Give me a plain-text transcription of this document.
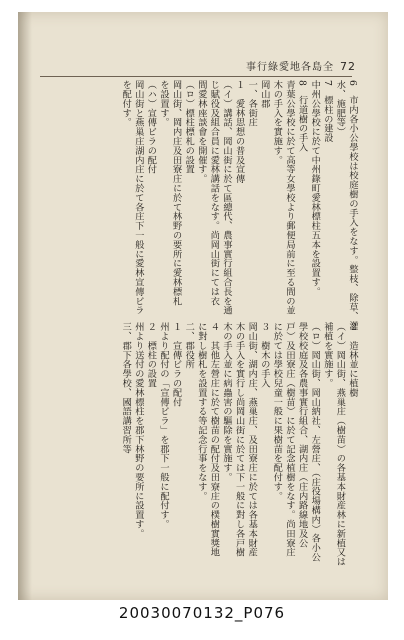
事行綠愛地各島全 72
6　市内各小公學校は校庭樹の手入をなす。整枝、除草、灌
水、施肥等）
7　標柱の建設
中州公學校に於て中州錄町愛林標柱五本を設置す。
8　行道樹の手入
青葉公學校に於て高等女學校より郵便局前に至る間の並
木の手入を實施す。
岡山郡
一、各街庄
１　愛林思想の普及宣傳
（イ）講話、岡山街に於て區總代、農事實行組合長を通
じ賦役及組合員に愛林講話をなす。尚岡山街にては衣
間愛林座談會を開催す。
（ロ）標柱標札の設置
岡山街、岡内庄及田寮庄に於て林野の要所に愛林標札
を設置す。
（ハ）宣傳ビラの配付
岡山街と燕巢庄湖内庄に於て各庄下一般に愛林宣傳ビラ
を配付す。
２　造林並に植樹
（イ）岡山街、燕巢庄（樹苗）の各基本財産林に新植又は
補植を實施す。
（ロ）岡山街、岡山納社、左營庄、（庄役場構内）各小公
學校校庭及各農事實行組合、湖内庄（庄内路線地及公
戸）及田寮庄（樹苗）に於て記念植樹をなす。尚田寮庄
に於ては學校兒童一般に果樹苗を配付す。
３　樹木の手入
岡山街、湖内庄、燕巢庄、及田寮庄に於ては各基本財産
木の手入を實行し尚岡山街に於ては下一般に對し各戸樹
木の手入並に病蟲害の驅除を實施す。
４　其他左營庄に於て樹苗の配付及田寮庄の樸樹實獎地
に對し樹札を設置する等記念行事をなす。
二、郡役所
１　宣傳ビラの配付
州より配付の「宣傳ビラ」を郡下一般に配付す。
２　標柱の設置
州より送付の愛林標柱を郡下林野の要所に設置す。
三、郡下各學校、國語講習所等
20030070132_P076
